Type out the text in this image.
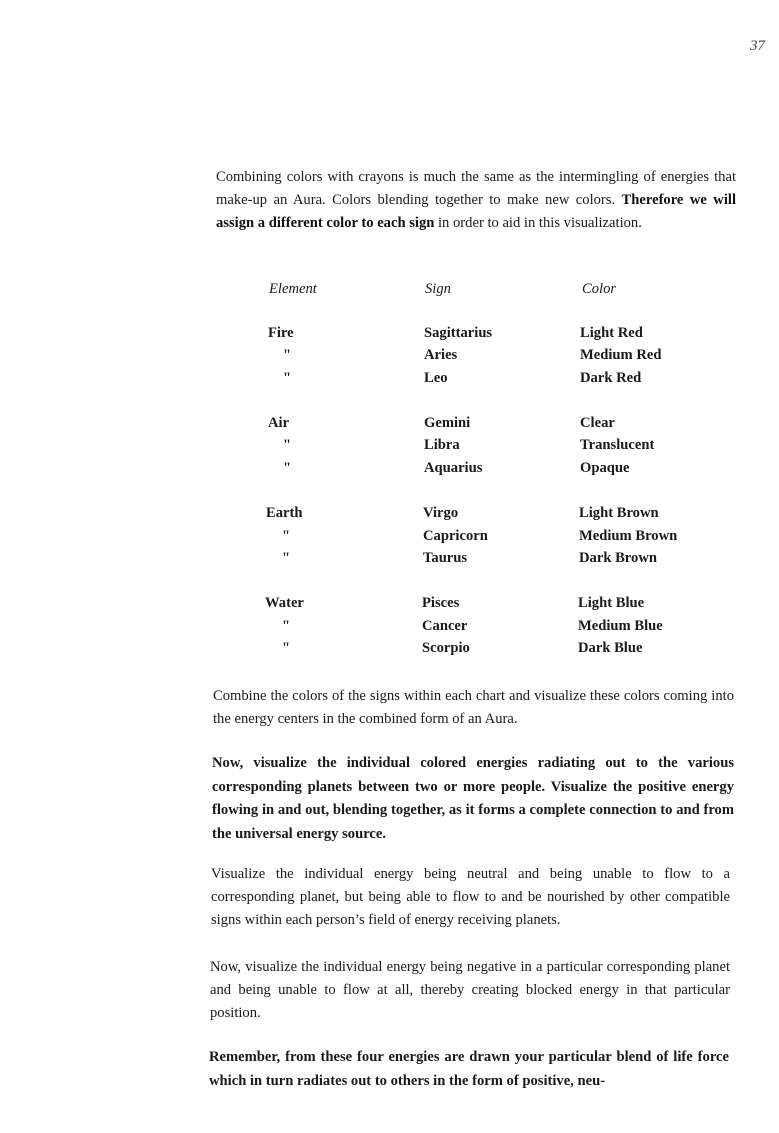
37

Combining colors with crayons is much the same as the intermingling of energies that make-up an Aura. Colors blending together to make new colors. Therefore we will assign a different color to each sign in order to aid in this visualization.

Element	Sign	Color
Fire	Sagittarius	Light Red
"	Aries	Medium Red
"	Leo	Dark Red
Air	Gemini	Clear
"	Libra	Translucent
"	Aquarius	Opaque
Earth	Virgo	Light Brown
"	Capricorn	Medium Brown
"	Taurus	Dark Brown
Water	Pisces	Light Blue
"	Cancer	Medium Blue
"	Scorpio	Dark Blue

Combine the colors of the signs within each chart and visualize these colors coming into the energy centers in the combined form of an Aura.

Now, visualize the individual colored energies radiating out to the various corresponding planets between two or more people. Visualize the positive energy flowing in and out, blending together, as it forms a complete connection to and from the universal energy source.

Visualize the individual energy being neutral and being unable to flow to a corresponding planet, but being able to flow to and be nourished by other compatible signs within each person’s field of energy receiving planets.

Now, visualize the individual energy being negative in a particular corresponding planet and being unable to flow at all, thereby creating blocked energy in that particular position.

Remember, from these four energies are drawn your particular blend of life force which in turn radiates out to others in the form of positive, neu-
